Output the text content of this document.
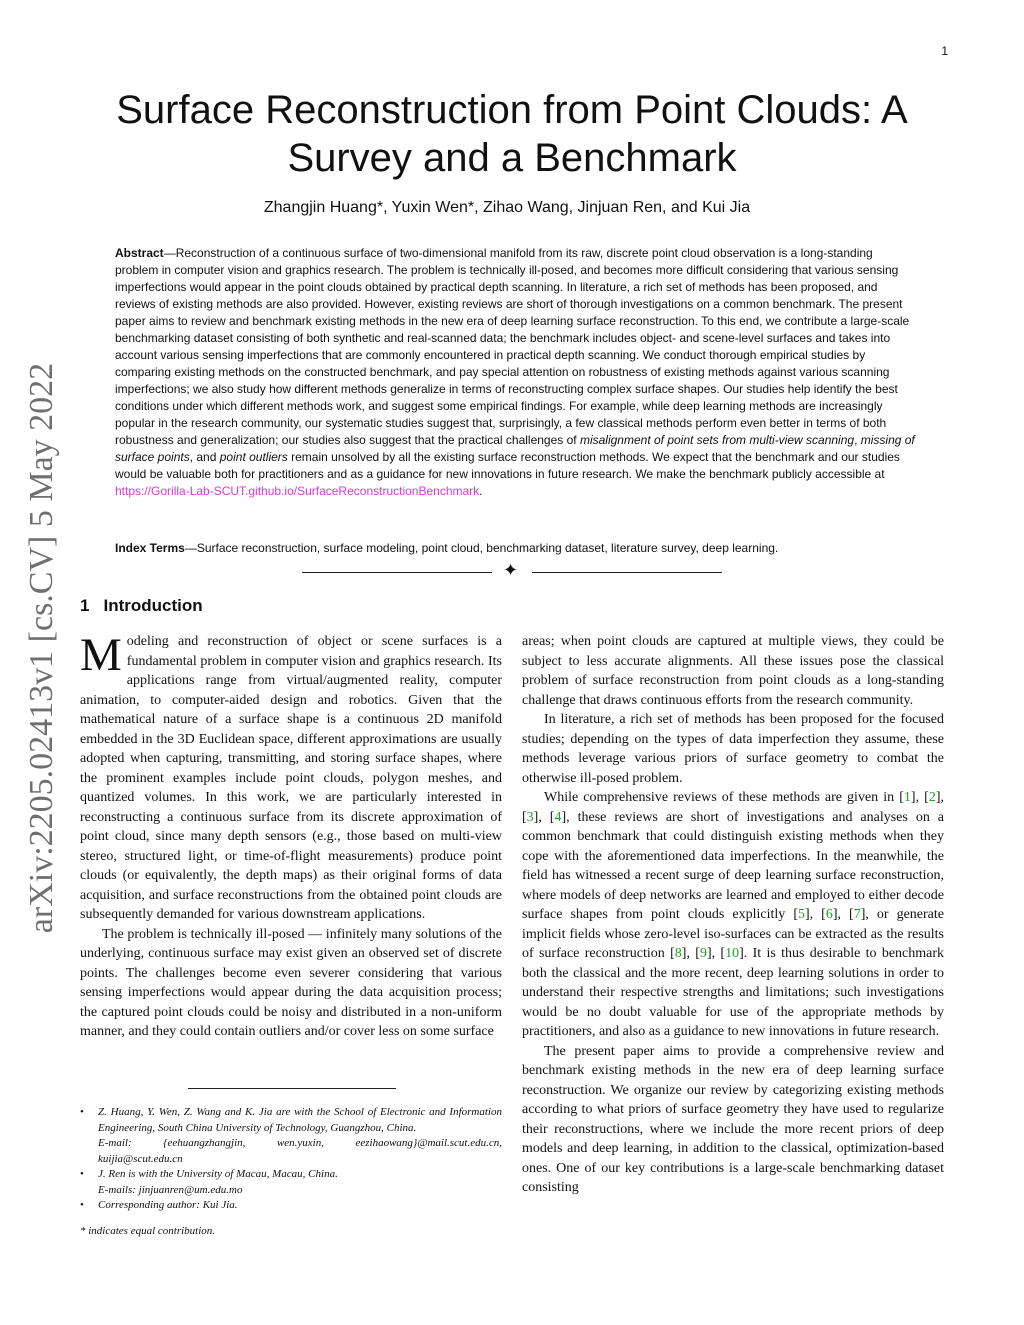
1
arXiv:2205.02413v1 [cs.CV] 5 May 2022
Surface Reconstruction from Point Clouds: A
Survey and a Benchmark
Zhangjin Huang*, Yuxin Wen*, Zihao Wang, Jinjuan Ren, and Kui Jia

Abstract—Reconstruction of a continuous surface of two-dimensional manifold from its raw, discrete point cloud observation is a long-standing problem in computer vision and graphics research. The problem is technically ill-posed, and becomes more difficult considering that various sensing imperfections would appear in the point clouds obtained by practical depth scanning. In literature, a rich set of methods has been proposed, and reviews of existing methods are also provided. However, existing reviews are short of thorough investigations on a common benchmark. The present paper aims to review and benchmark existing methods in the new era of deep learning surface reconstruction. To this end, we contribute a large-scale benchmarking dataset consisting of both synthetic and real-scanned data; the benchmark includes object- and scene-level surfaces and takes into account various sensing imperfections that are commonly encountered in practical depth scanning. We conduct thorough empirical studies by comparing existing methods on the constructed benchmark, and pay special attention on robustness of existing methods against various scanning imperfections; we also study how different methods generalize in terms of reconstructing complex surface shapes. Our studies help identify the best conditions under which different methods work, and suggest some empirical findings. For example, while deep learning methods are increasingly popular in the research community, our systematic studies suggest that, surprisingly, a few classical methods perform even better in terms of both robustness and generalization; our studies also suggest that the practical challenges of misalignment of point sets from multi-view scanning, missing of surface points, and point outliers remain unsolved by all the existing surface reconstruction methods. We expect that the benchmark and our studies would be valuable both for practitioners and as a guidance for new innovations in future research. We make the benchmark publicly accessible at https://Gorilla-Lab-SCUT.github.io/SurfaceReconstructionBenchmark.

Index Terms—Surface reconstruction, surface modeling, point cloud, benchmarking dataset, literature survey, deep learning.

✦
1 Introduction

Modeling and reconstruction of object or scene surfaces is a fundamental problem in computer vision and graphics research. Its applications range from virtual/augmented reality, computer animation, to computer-aided design and robotics. Given that the mathematical nature of a surface shape is a continuous 2D manifold embedded in the 3D Euclidean space, different approximations are usually adopted when capturing, transmitting, and storing surface shapes, where the prominent examples include point clouds, polygon meshes, and quantized volumes. In this work, we are particularly interested in reconstructing a continuous surface from its discrete approximation of point cloud, since many depth sensors (e.g., those based on multi-view stereo, structured light, or time-of-flight measurements) produce point clouds (or equivalently, the depth maps) as their original forms of data acquisition, and surface reconstructions from the obtained point clouds are subsequently demanded for various downstream applications.

The problem is technically ill-posed — infinitely many solutions of the underlying, continuous surface may exist given an observed set of discrete points. The challenges become even severer considering that various sensing imperfections would appear during the data acquisition process; the captured point clouds could be noisy and distributed in a non-uniform manner, and they could contain outliers and/or cover less on some surface

areas; when point clouds are captured at multiple views, they could be subject to less accurate alignments. All these issues pose the classical problem of surface reconstruction from point clouds as a long-standing challenge that draws continuous efforts from the research community.

In literature, a rich set of methods has been proposed for the focused studies; depending on the types of data imperfection they assume, these methods leverage various priors of surface geometry to combat the otherwise ill-posed problem.

While comprehensive reviews of these methods are given in [1], [2], [3], [4], these reviews are short of investigations and analyses on a common benchmark that could distinguish existing methods when they cope with the aforementioned data imperfections. In the meanwhile, the field has witnessed a recent surge of deep learning surface reconstruction, where models of deep networks are learned and employed to either decode surface shapes from point clouds explicitly [5], [6], [7], or generate implicit fields whose zero-level iso-surfaces can be extracted as the results of surface reconstruction [8], [9], [10]. It is thus desirable to benchmark both the classical and the more recent, deep learning solutions in order to understand their respective strengths and limitations; such investigations would be no doubt valuable for use of the appropriate methods by practitioners, and also as a guidance to new innovations in future research.

The present paper aims to provide a comprehensive review and benchmark existing methods in the new era of deep learning surface reconstruction. We organize our review by categorizing existing methods according to what priors of surface geometry they have used to regularize their reconstructions, where we include the more recent priors of deep models and deep learning, in addition to the classical, optimization-based ones. One of our key contributions is a large-scale benchmarking dataset consisting

• Z. Huang, Y. Wen, Z. Wang and K. Jia are with the School of Electronic and Information Engineering, South China University of Technology, Guangzhou, China.
E-mail: {eehuangzhangjin, wen.yuxin, eezihaowang}@mail.scut.edu.cn, kuijia@scut.edu.cn

• J. Ren is with the University of Macau, Macau, China.
E-mails: jinjuanren@um.edu.mo

• Corresponding author: Kui Jia.

* indicates equal contribution.
